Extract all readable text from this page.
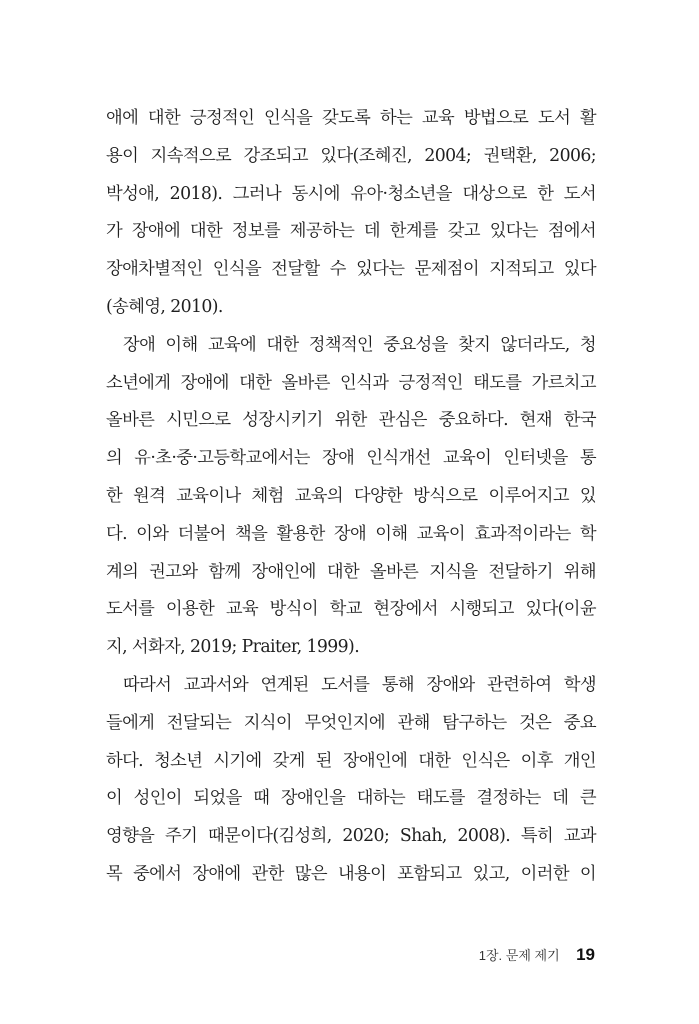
애에 대한 긍정적인 인식을 갖도록 하는 교육 방법으로 도서 활
용이 지속적으로 강조되고 있다(조혜진, 2004; 권택환, 2006;
박성애, 2018). 그러나 동시에 유아·청소년을 대상으로 한 도서
가 장애에 대한 정보를 제공하는 데 한계를 갖고 있다는 점에서
장애차별적인 인식을 전달할 수 있다는 문제점이 지적되고 있다
(송혜영, 2010).
장애 이해 교육에 대한 정책적인 중요성을 찾지 않더라도, 청
소년에게 장애에 대한 올바른 인식과 긍정적인 태도를 가르치고
올바른 시민으로 성장시키기 위한 관심은 중요하다. 현재 한국
의 유·초·중·고등학교에서는 장애 인식개선 교육이 인터넷을 통
한 원격 교육이나 체험 교육의 다양한 방식으로 이루어지고 있
다. 이와 더불어 책을 활용한 장애 이해 교육이 효과적이라는 학
계의 권고와 함께 장애인에 대한 올바른 지식을 전달하기 위해
도서를 이용한 교육 방식이 학교 현장에서 시행되고 있다(이윤
지, 서화자, 2019; Praiter, 1999).
따라서 교과서와 연계된 도서를 통해 장애와 관련하여 학생
들에게 전달되는 지식이 무엇인지에 관해 탐구하는 것은 중요
하다. 청소년 시기에 갖게 된 장애인에 대한 인식은 이후 개인
이 성인이 되었을 때 장애인을 대하는 태도를 결정하는 데 큰
영향을 주기 때문이다(김성희, 2020; Shah, 2008). 특히 교과
목 중에서 장애에 관한 많은 내용이 포함되고 있고, 이러한 이
1장. 문제 제기 19
